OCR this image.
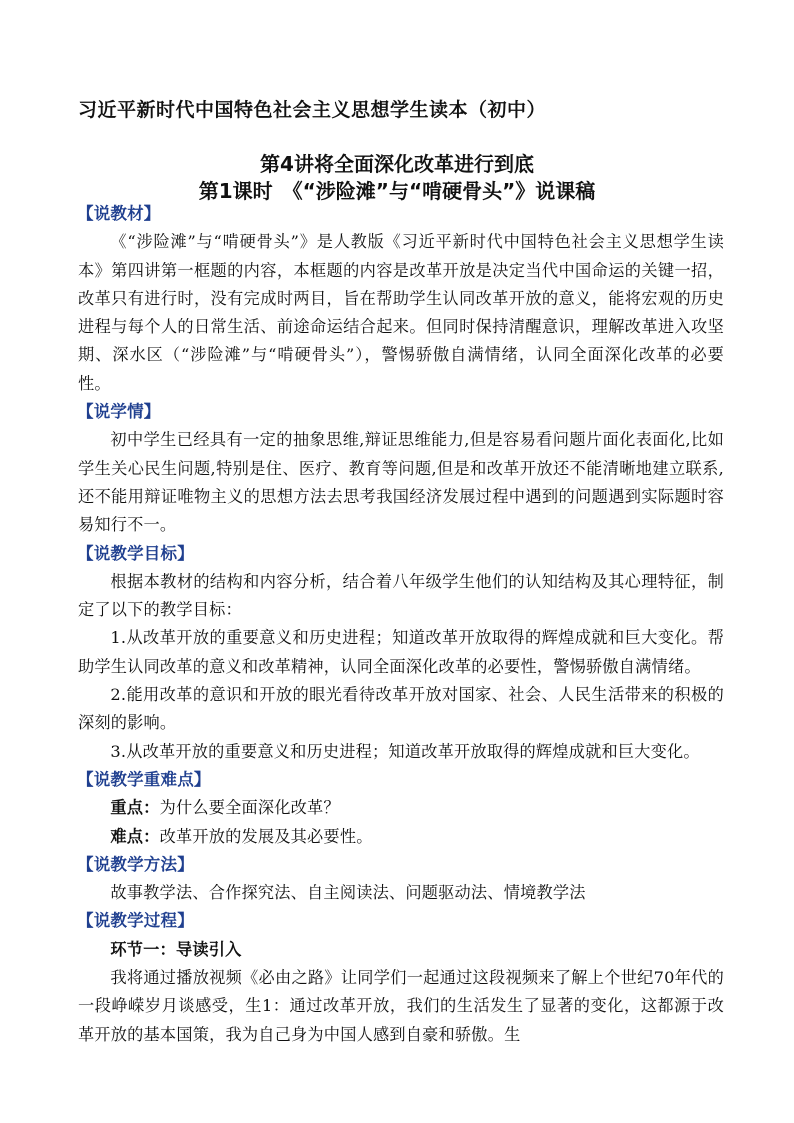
习近平新时代中国特色社会主义思想学生读本（初中）
第4讲将全面深化改革进行到底
第1课时　《“涉险滩”与“啃硬骨头”》说课稿
【说教材】

《“涉险滩”与“啃硬骨头”》是人教版《习近平新时代中国特色社会主义思想学生读本》第四讲第一框题的内容，本框题的内容是改革开放是决定当代中国命运的关键一招，改革只有进行时，没有完成时两目，旨在帮助学生认同改革开放的意义，能将宏观的历史进程与每个人的日常生活、前途命运结合起来。但同时保持清醒意识，理解改革进入攻坚期、深水区（“涉险滩”与“啃硬骨头”），警惕骄傲自满情绪，认同全面深化改革的必要性。

【说学情】

初中学生已经具有一定的抽象思维,辩证思维能力,但是容易看问题片面化表面化,比如学生关心民生问题,特别是住、医疗、教育等问题,但是和改革开放还不能清晰地建立联系,还不能用辩证唯物主义的思想方法去思考我国经济发展过程中遇到的问题遇到实际题时容易知行不一。

【说教学目标】

根据本教材的结构和内容分析，结合着八年级学生他们的认知结构及其心理特征，制定了以下的教学目标：

1.从改革开放的重要意义和历史进程；知道改革开放取得的辉煌成就和巨大变化。帮助学生认同改革的意义和改革精神，认同全面深化改革的必要性，警惕骄傲自满情绪。

2.能用改革的意识和开放的眼光看待改革开放对国家、社会、人民生活带来的积极的深刻的影响。

3.从改革开放的重要意义和历史进程；知道改革开放取得的辉煌成就和巨大变化。

【说教学重难点】

重点：为什么要全面深化改革？

难点：改革开放的发展及其必要性。

【说教学方法】

故事教学法、合作探究法、自主阅读法、问题驱动法、情境教学法

【说教学过程】

环节一：导读引入

我将通过播放视频《必由之路》让同学们一起通过这段视频来了解上个世纪70年代的一段峥嵘岁月谈感受，生1：通过改革开放，我们的生活发生了显著的变化，这都源于改革开放的基本国策，我为自己身为中国人感到自豪和骄傲。生
